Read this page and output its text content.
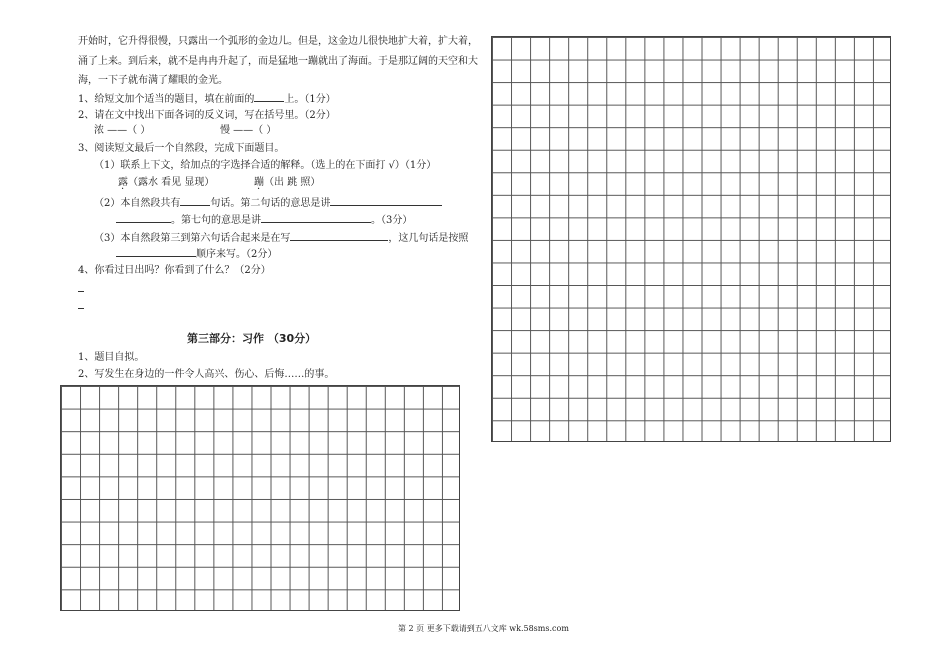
开始时，它升得很慢，只露出一个弧形的金边儿。但是，这金边儿很快地扩大着，扩大着，
涌了上来。到后来，就不是冉冉升起了，而是猛地一蹦就出了海面。于是那辽阔的天空和大
海，一下子就布满了耀眼的金光。
1、给短文加个适当的题目，填在前面的	上。（1分）
2、请在文中找出下面各词的反义词，写在括号里。（2分）
浓 ——（ ）	慢 ——（ ）
3、阅读短文最后一个自然段，完成下面题目。
（1）联系上下文，给加点的字选择合适的解释。（选上的在下面打 √）（1分）
露（露水 看见 显现）	蹦（出 跳 照）
（2）本自然段共有	句话。第二句话的意思是讲
。第七句的意思是讲	。（3分）
（3）本自然段第三到第六句话合起来是在写	，这几句话是按照
顺序来写。（2分）
4、你看过日出吗？你看到了什么？（2分）
第三部分：习作 （30分）
1、题目自拟。
2、写发生在身边的一件令人高兴、伤心、后悔……的事。
第 2 页 更多下载请到五八文库 wk.58sms.com
